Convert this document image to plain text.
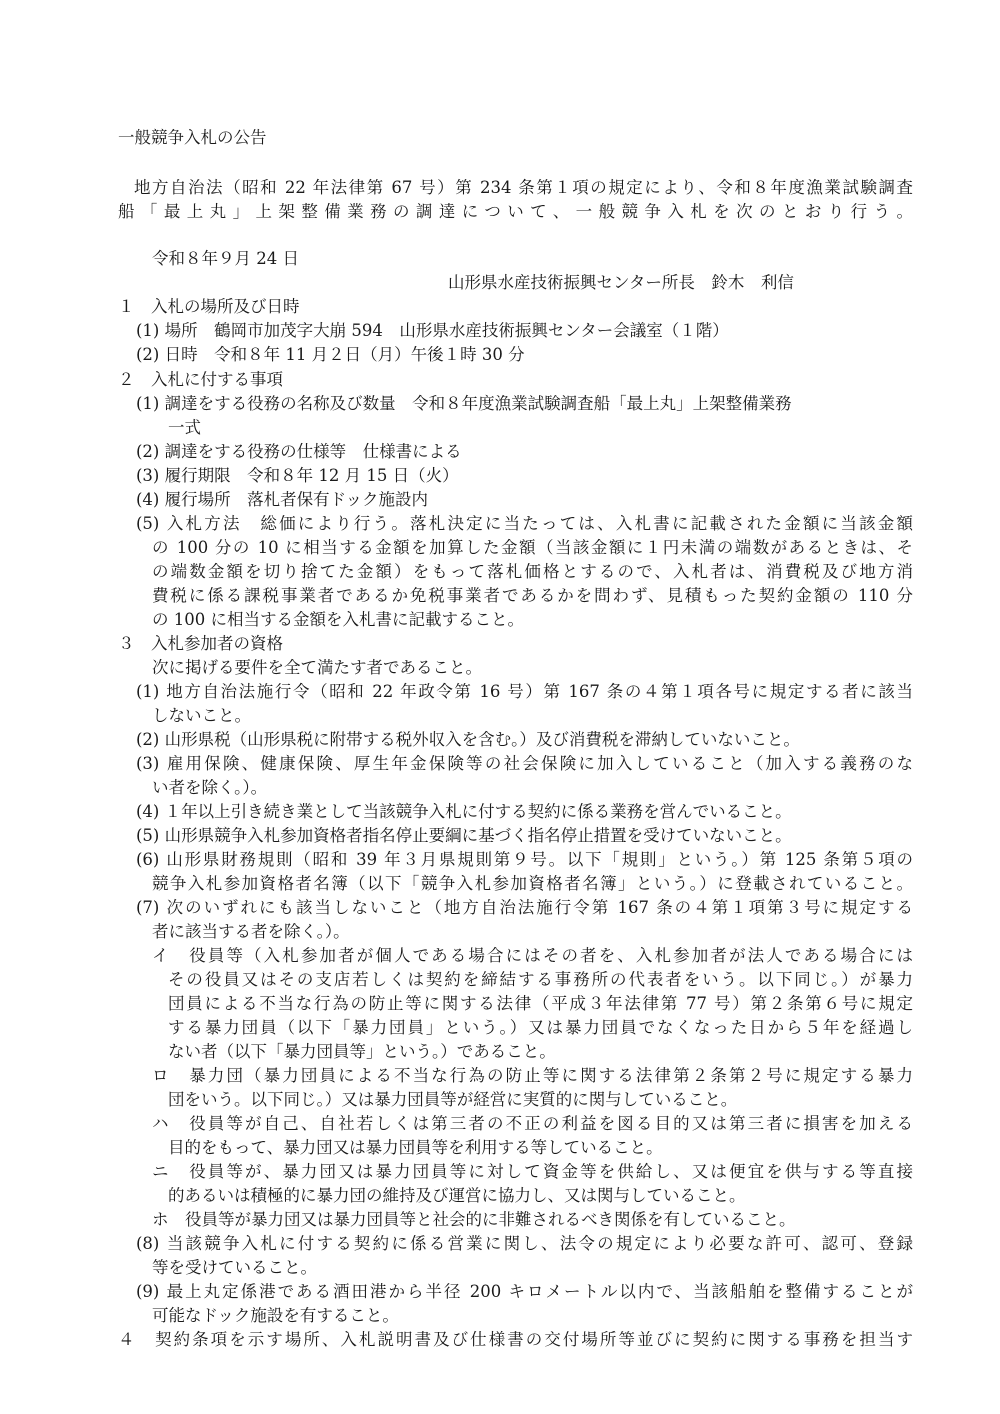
一般競争入札の公告
地方自治法（昭和 22 年法律第 67 号）第 234 条第１項の規定により、令和８年度漁業試験調査
船「最上丸」上架整備業務の調達について、一般競争入札を次のとおり行う。
令和８年９月 24 日
山形県水産技術振興センター所長　鈴木　利信
１　入札の場所及び日時
(1) 場所　鶴岡市加茂字大崩 594　山形県水産技術振興センター会議室（１階）
(2) 日時　令和８年 11 月２日（月）午後１時 30 分
２　入札に付する事項
(1) 調達をする役務の名称及び数量　令和８年度漁業試験調査船「最上丸」上架整備業務
一式
(2) 調達をする役務の仕様等　仕様書による
(3) 履行期限　令和８年 12 月 15 日（火）
(4) 履行場所　落札者保有ドック施設内
(5) 入札方法　総価により行う。落札決定に当たっては、入札書に記載された金額に当該金額
の 100 分の 10 に相当する金額を加算した金額（当該金額に１円未満の端数があるときは、そ
の端数金額を切り捨てた金額）をもって落札価格とするので、入札者は、消費税及び地方消
費税に係る課税事業者であるか免税事業者であるかを問わず、見積もった契約金額の 110 分
の 100 に相当する金額を入札書に記載すること。
３　入札参加者の資格
次に掲げる要件を全て満たす者であること。
(1) 地方自治法施行令（昭和 22 年政令第 16 号）第 167 条の４第１項各号に規定する者に該当
しないこと。
(2) 山形県税（山形県税に附帯する税外収入を含む。）及び消費税を滞納していないこと。
(3) 雇用保険、健康保険、厚生年金保険等の社会保険に加入していること（加入する義務のな
い者を除く。）。
(4) １年以上引き続き業として当該競争入札に付する契約に係る業務を営んでいること。
(5) 山形県競争入札参加資格者指名停止要綱に基づく指名停止措置を受けていないこと。
(6) 山形県財務規則（昭和 39 年３月県規則第９号。以下「規則」という。）第 125 条第５項の
競争入札参加資格者名簿（以下「競争入札参加資格者名簿」という。）に登載されていること。
(7) 次のいずれにも該当しないこと（地方自治法施行令第 167 条の４第１項第３号に規定する
者に該当する者を除く。）。
イ　役員等（入札参加者が個人である場合にはその者を、入札参加者が法人である場合には
その役員又はその支店若しくは契約を締結する事務所の代表者をいう。以下同じ。）が暴力
団員による不当な行為の防止等に関する法律（平成３年法律第 77 号）第２条第６号に規定
する暴力団員（以下「暴力団員」という。）又は暴力団員でなくなった日から５年を経過し
ない者（以下「暴力団員等」という。）であること。
ロ　暴力団（暴力団員による不当な行為の防止等に関する法律第２条第２号に規定する暴力
団をいう。以下同じ。）又は暴力団員等が経営に実質的に関与していること。
ハ　役員等が自己、自社若しくは第三者の不正の利益を図る目的又は第三者に損害を加える
目的をもって、暴力団又は暴力団員等を利用する等していること。
ニ　役員等が、暴力団又は暴力団員等に対して資金等を供給し、又は便宜を供与する等直接
的あるいは積極的に暴力団の維持及び運営に協力し、又は関与していること。
ホ　役員等が暴力団又は暴力団員等と社会的に非難されるべき関係を有していること。
(8) 当該競争入札に付する契約に係る営業に関し、法令の規定により必要な許可、認可、登録
等を受けていること。
(9) 最上丸定係港である酒田港から半径 200 キロメートル以内で、当該船舶を整備することが
可能なドック施設を有すること。
４　契約条項を示す場所、入札説明書及び仕様書の交付場所等並びに契約に関する事務を担当す
